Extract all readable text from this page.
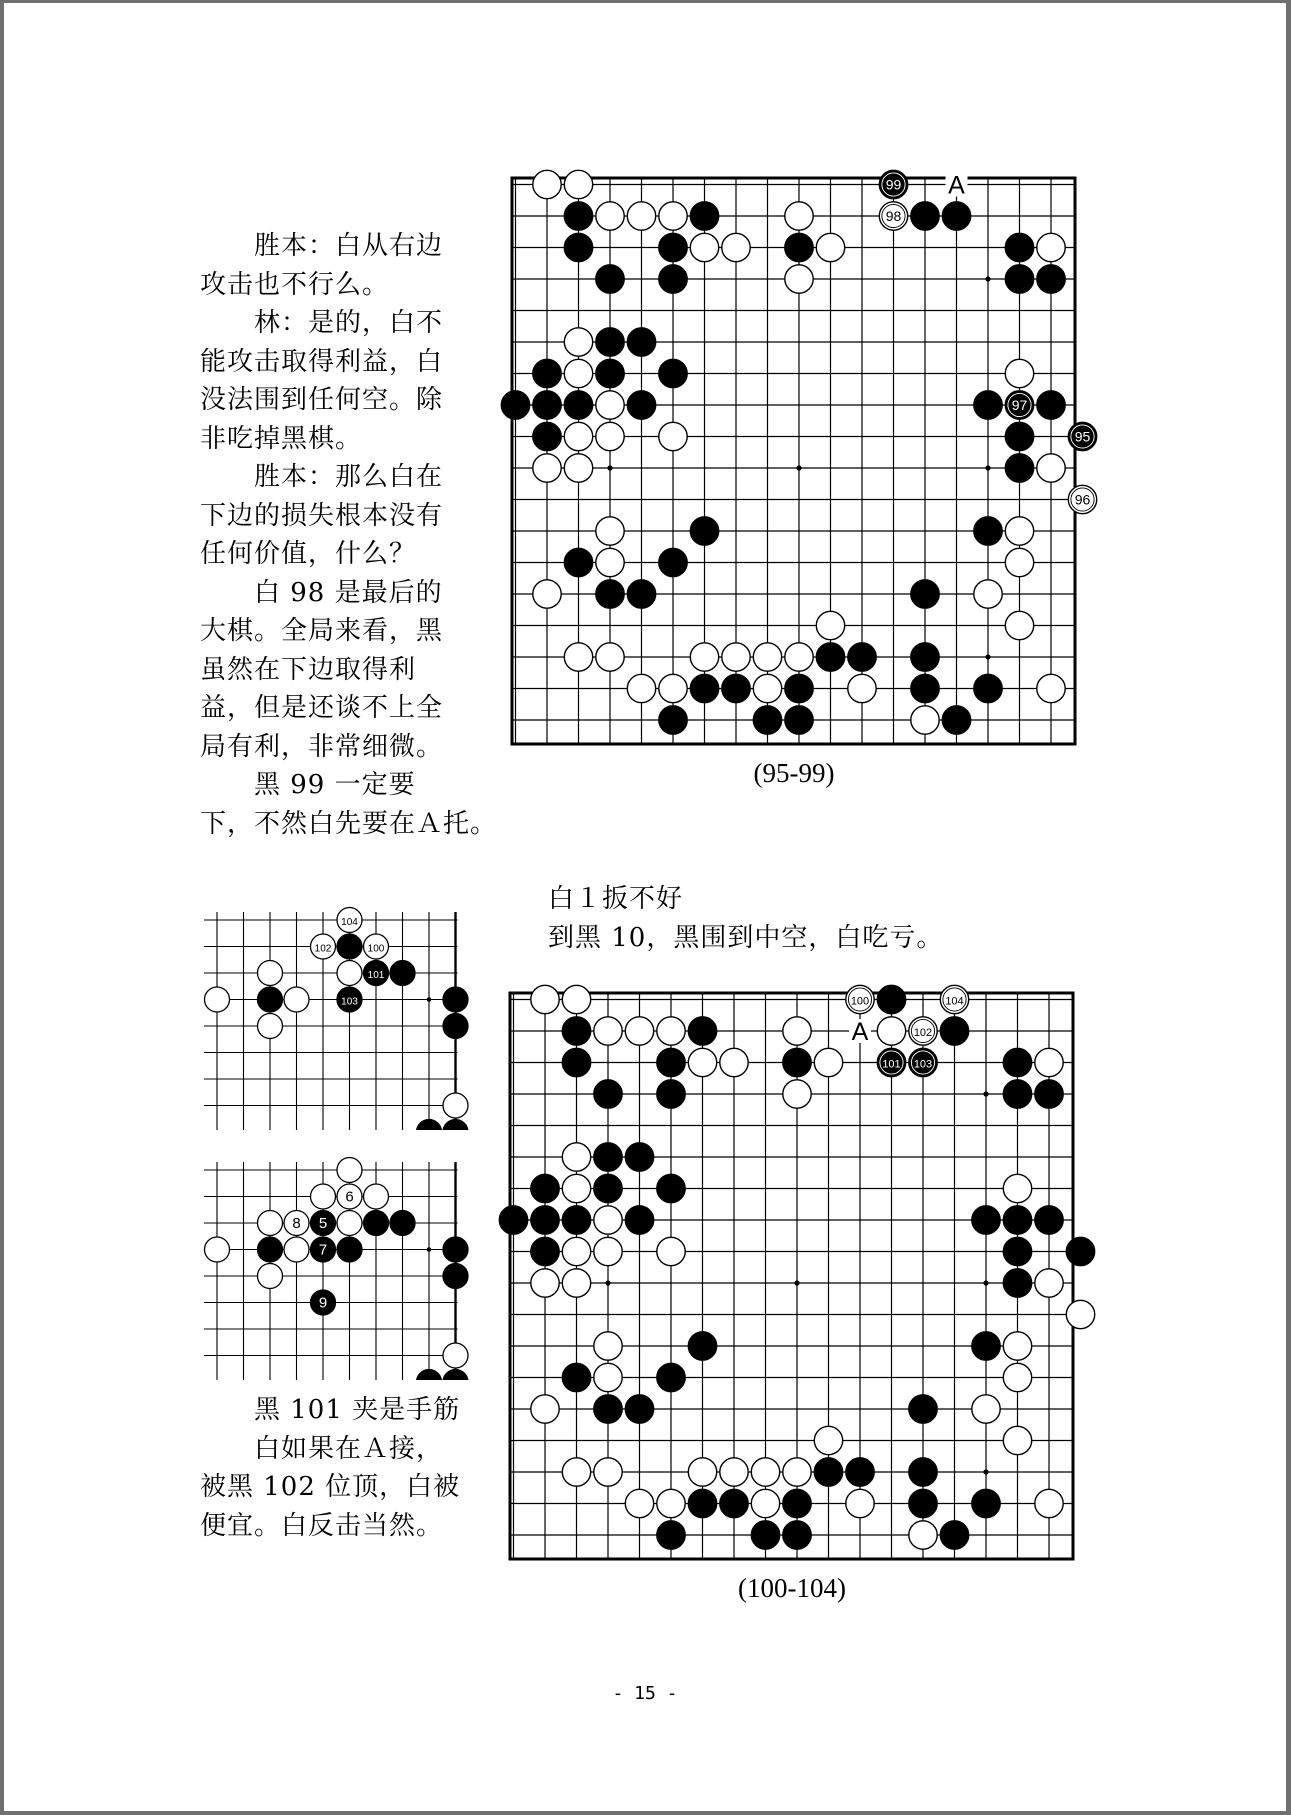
　　胜本：白从右边

攻击也不行么。

　　林：是的，白不

能攻击取得利益，白

没法围到任何空。除

非吃掉黑棋。

　　胜本：那么白在

下边的损失根本没有

任何价值，什么？

　　白 98 是最后的

大棋。全局来看，黑

虽然在下边取得利

益，但是还谈不上全

局有利，非常细微。

　　黑 99 一定要

下，不然白先要在Ａ托。

95
97
99
96
98
A
(95-99)

白１扳不好

到黑 10，黑围到中空，白吃亏。

101
103
104
102	100
5
7
9
6
8
101 103
100
102
104
A
(100-104)

　　黑 101 夹是手筋

　　白如果在Ａ接，

被黑 102 位顶，白被

便宜。白反击当然。

- 15 -
